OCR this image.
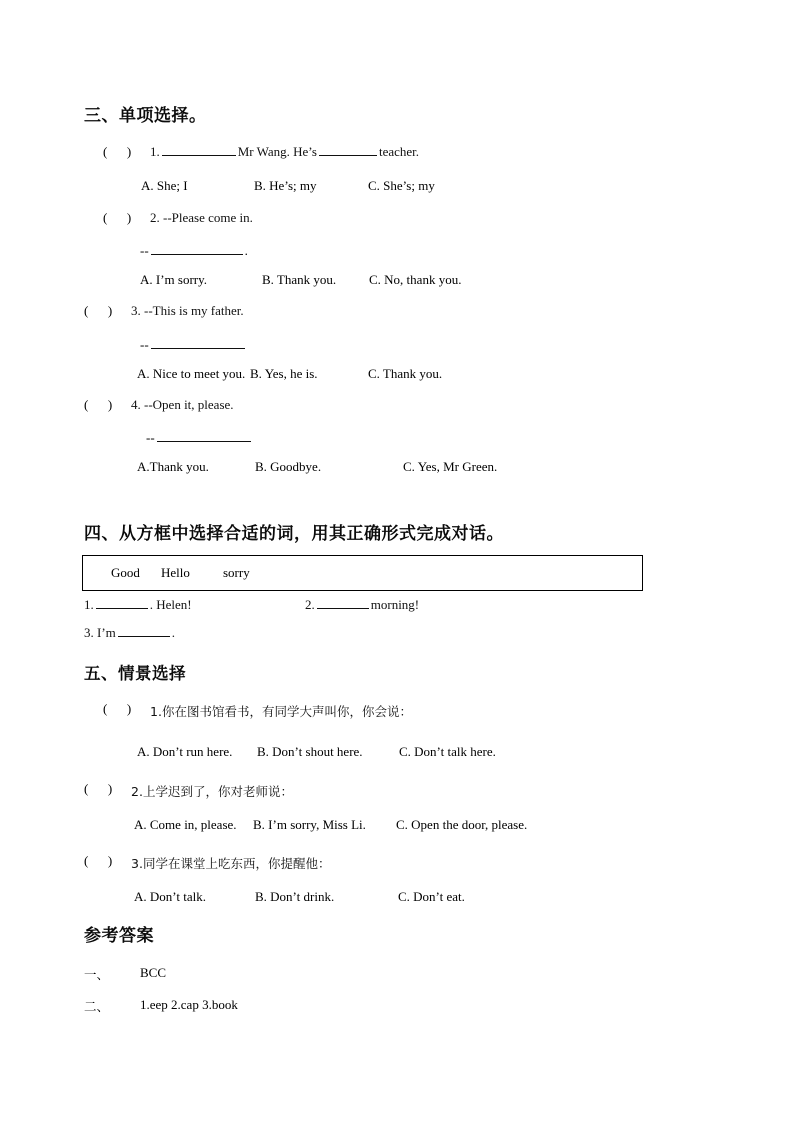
三、单项选择。
(      ) 1.	Mr Wang. He’s	teacher.
A. She; I	B. He’s; my	C. She’s; my
(      ) 2. --Please come in.
--	.
A. I’m sorry.	B. Thank you.	C. No, thank you.
(      ) 3. --This is my father.
--
A. Nice to meet you. B. Yes, he is.	C. Thank you.
(      ) 4. --Open it, please.
--
A.Thank you.	B. Goodbye.	C. Yes, Mr Green.
四、从方框中选择合适的词，用其正确形式完成对话。
Good Hello	sorry
1.	. Helen!	2.	morning!
3. I’m	.
五、情景选择
(      ) 1.你在图书馆看书，有同学大声叫你，你会说：
A. Don’t run here. B. Don’t shout here.	C. Don’t talk here.
(      ) 2.上学迟到了，你对老师说：
A. Come in, please. B. I’m sorry, Miss Li. C. Open the door, please.
(      ) 3.同学在课堂上吃东西，你提醒他：
A. Don’t talk.	B. Don’t drink.	C. Don’t eat.
参考答案
一、 BCC
二、 1.eep 2.cap 3.book
